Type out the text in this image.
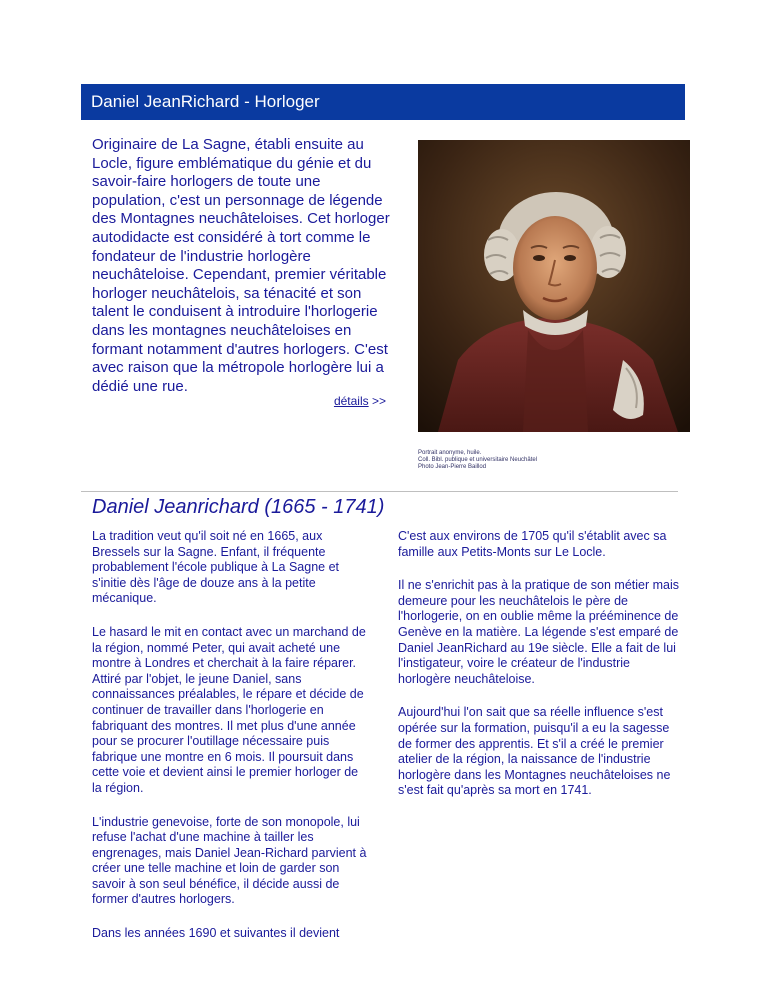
Daniel JeanRichard - Horloger

Originaire de La Sagne, établi ensuite au Locle, figure emblématique du génie et du savoir-faire horlogers de toute une population, c'est un personnage de légende des Montagnes neuchâteloises. Cet horloger autodidacte est considéré à tort comme le fondateur de l'industrie horlogère neuchâteloise. Cependant, premier véritable horloger neuchâtelois, sa ténacité et son talent le conduisent à introduire l'horlogerie dans les montagnes neuchâteloises en formant notamment d'autres horlogers. C'est avec raison que la métropole horlogère lui a dédié une rue.

détails >>
Portrait anonyme, huile.
Coll. Bibl. publique et universitaire Neuchâtel
Photo Jean-Pierre Baillod
Daniel Jeanrichard (1665 - 1741)

La tradition veut qu'il soit né en 1665, aux Bressels sur la Sagne. Enfant, il fréquente probablement l'école publique à La Sagne et s'initie dès l'âge de douze ans à la petite mécanique.

Le hasard le mit en contact avec un marchand de la région, nommé Peter, qui avait acheté une montre à Londres et cherchait à la faire réparer. Attiré par l'objet, le jeune Daniel, sans connaissances préalables, le répare et décide de continuer de travailler dans l'horlogerie en fabriquant des montres. Il met plus d'une année pour se procurer l'outillage nécessaire puis fabrique une montre en 6 mois. Il poursuit dans cette voie et devient ainsi le premier horloger de la région.

L'industrie genevoise, forte de son monopole, lui refuse l'achat d'une machine à tailler les engrenages, mais Daniel Jean-Richard parvient à créer une telle machine et loin de garder son savoir à son seul bénéfice, il décide aussi de former d'autres horlogers.

Dans les années 1690 et suivantes il devient

C'est aux environs de 1705 qu'il s'établit avec sa famille aux Petits-Monts sur Le Locle.

Il ne s'enrichit pas à la pratique de son métier mais demeure pour les neuchâtelois le père de l'horlogerie, on en oublie même la prééminence de Genève en la matière. La légende s'est emparé de Daniel JeanRichard au 19e siècle. Elle a fait de lui l'instigateur, voire le créateur de l'industrie horlogère neuchâteloise.

Aujourd'hui l'on sait que sa réelle influence s'est opérée sur la formation, puisqu'il a eu la sagesse de former des apprentis. Et s'il a créé le premier atelier de la région, la naissance de l'industrie horlogère dans les Montagnes neuchâteloises ne s'est fait qu'après sa mort en 1741.
